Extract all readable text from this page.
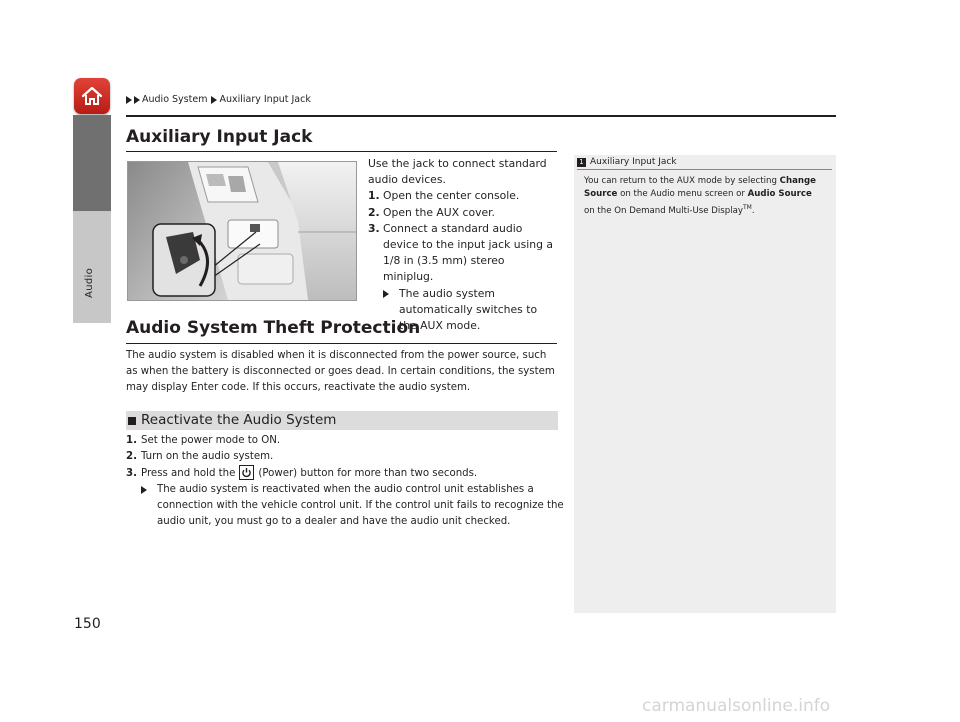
Audio
Audio System Auxiliary Input Jack
Auxiliary Input Jack
Use the jack to connect standard audio devices.
1. Open the center console.
2. Open the AUX cover.
3. Connect a standard audio device to the input jack using a 1/8 in (3.5 mm) stereo miniplug.
The audio system automatically switches to the AUX mode.
Audio System Theft Protection
The audio system is disabled when it is disconnected from the power source, such as when the battery is disconnected or goes dead. In certain conditions, the system may display Enter code. If this occurs, reactivate the audio system.
Reactivate the Audio System
1. Set the power mode to ON.
2. Turn on the audio system.
3. Press and hold the (Power) button for more than two seconds.
The audio system is reactivated when the audio control unit establishes a connection with the vehicle control unit. If the control unit fails to recognize the audio unit, you must go to a dealer and have the audio unit checked.
1 Auxiliary Input Jack
You can return to the AUX mode by selecting Change Source on the Audio menu screen or Audio Source on the On Demand Multi-Use Display™.
150
carmanualsonline.info
